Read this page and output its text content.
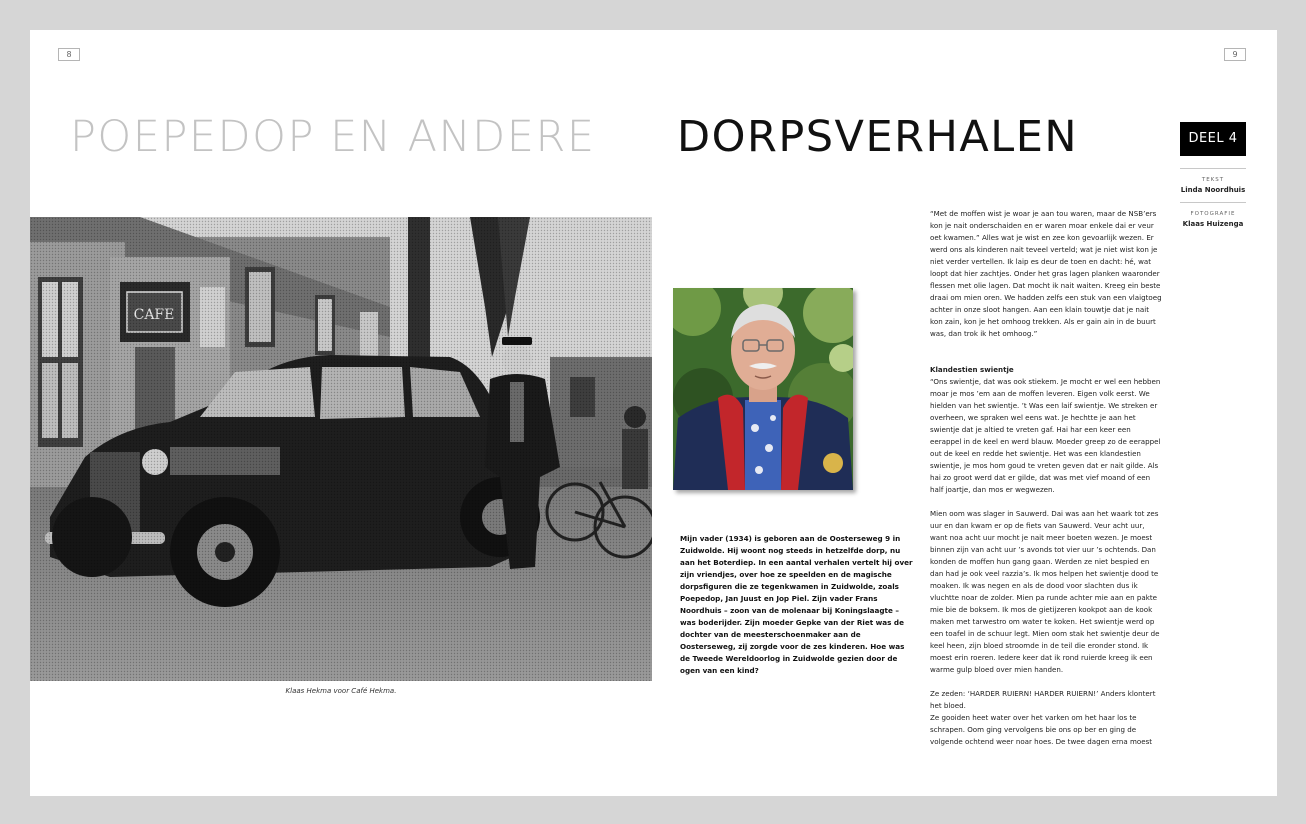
8	9
POEPEDOP EN ANDERE DORPSVERHALEN	DEEL 4
TEKST
Linda Noordhuis
FOTOGRAFIE
Klaas Huizenga
Klaas Hekma voor Café Hekma.
Mijn vader (1934) is geboren aan de Oosterseweg 9 in Zuidwolde. Hij woont nog steeds in hetzelfde dorp, nu aan het Boterdiep. In een aantal verhalen vertelt hij over zijn vriendjes, over hoe ze speelden en de magische dorpsfiguren die ze tegenkwamen in Zuidwolde, zoals Poepedop, Jan Juust en Jop Piel. Zijn vader Frans Noordhuis – zoon van de molenaar bij Koningslaagte – was boderijder. Zijn moeder Gepke van der Riet was de dochter van de meesterschoenmaker aan de Oosterseweg, zij zorgde voor de zes kinderen. Hoe was de Tweede Wereldoorlog in Zuidwolde gezien door de ogen van een kind?

“Met de moffen wist je woar je aan tou waren, maar de NSB’ers kon je nait onderschaiden en er waren moar enkele dai er veur oet kwamen.” Alles wat je wist en zee kon gevoarlijk wezen. Er werd ons als kinderen nait teveel verteld; wat je niet wist kon je niet verder vertellen. Ik laip es deur de toen en dacht: hé, wat loopt dat hier zachtjes. Onder het gras lagen planken waaronder flessen met olie lagen. Dat mocht ik nait waiten. Kreeg ein beste draai om mien oren. We hadden zelfs een stuk van een vlaigtoeg achter in onze sloot hangen. Aan een klain touwtje dat je nait kon zain, kon je het omhoog trekken. Als er gain ain in de buurt was, dan trok ik het omhoog.”

Klandestien swientje

“Ons swientje, dat was ook stiekem. Je mocht er wel een hebben moar je mos ’em aan de moffen leveren. Eigen volk eerst. We hielden van het swientje. ’t Was een laif swientje. We streken er overheen, we spraken wel eens wat. Je hechtte je aan het swientje dat je altied te vreten gaf. Hai har een keer een eerappel in de keel en werd blauw. Moeder greep zo de eerappel out de keel en redde het swientje. Het was een klandestien swientje, je mos hom goud te vreten geven dat er nait gilde. Als hai zo groot werd dat er gilde, dat was met vief moand of een half joartje, dan mos er wegwezen.

Mien oom was slager in Sauwerd. Dai was aan het waark tot zes uur en dan kwam er op de fiets van Sauwerd. Veur acht uur, want noa acht uur mocht je nait meer boeten wezen. Je moest binnen zijn van acht uur ’s avonds tot vier uur ’s ochtends. Dan konden de moffen hun gang gaan. Werden ze niet bespied en dan had je ook veel razzia’s. Ik mos helpen het swientje dood te moaken. Ik was negen en als de dood voor slachten dus ik vluchtte noar de zolder. Mien pa runde achter mie aan en pakte mie bie de boksem. Ik mos de gietijzeren kookpot aan de kook maken met tarwestro om water te koken. Het swientje werd op een toafel in de schuur legt. Mien oom stak het swientje deur de keel heen, zijn bloed stroomde in de teil die eronder stond. Ik moest erin roeren. Iedere keer dat ik rond ruierde kreeg ik een warme gulp bloed over mien handen.

Ze zeden: ‘HARDER RUIERN! HARDER RUIERN!’ Anders klontert het bloed.

Ze gooiden heet water over het varken om het haar los te schrapen. Oom ging vervolgens bie ons op ber en ging de volgende ochtend weer noar hoes. De twee dagen erna moest
